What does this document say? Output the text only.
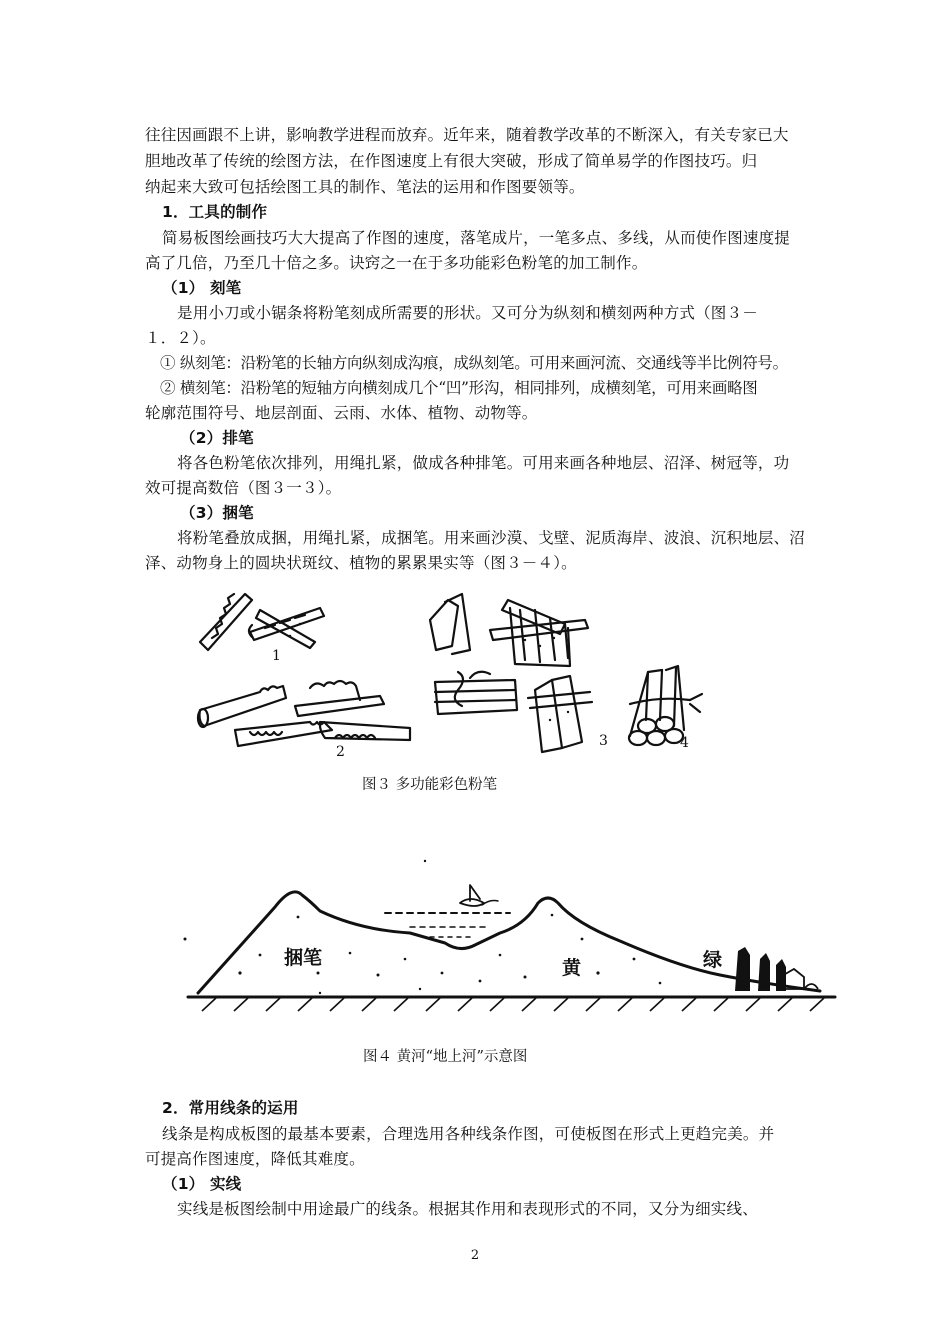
往往因画跟不上讲，影响教学进程而放弃。近年来，随着教学改革的不断深入，有关专家已大
胆地改革了传统的绘图方法，在作图速度上有很大突破，形成了简单易学的作图技巧。归
纳起来大致可包括绘图工具的制作、笔法的运用和作图要领等。
1．工具的制作
简易板图绘画技巧大大提高了作图的速度，落笔成片，一笔多点、多线，从而使作图速度提
高了几倍，乃至几十倍之多。诀窍之一在于多功能彩色粉笔的加工制作。
（1） 刻笔
是用小刀或小锯条将粉笔刻成所需要的形状。又可分为纵刻和横刻两种方式（图３－
１．２）。
① 纵刻笔：沿粉笔的长轴方向纵刻成沟痕，成纵刻笔。可用来画河流、交通线等半比例符号。
② 横刻笔：沿粉笔的短轴方向横刻成几个“凹”形沟，相同排列，成横刻笔，可用来画略图
轮廓范围符号、地层剖面、云雨、水体、植物、动物等。
（2）排笔
将各色粉笔依次排列，用绳扎紧，做成各种排笔。可用来画各种地层、沼泽、树冠等，功
效可提高数倍（图３一３）。
（3）捆笔
将粉笔叠放成捆，用绳扎紧，成捆笔。用来画沙漠、戈壁、泥质海岸、波浪、沉积地层、沼
泽、动物身上的圆块状斑纹、植物的累累果实等（图３－４）。
1
2
3	4
图３ 多功能彩色粉笔
捆笔	黄	绿
图４ 黄河“地上河”示意图
2．常用线条的运用
线条是构成板图的最基本要素，合理选用各种线条作图，可使板图在形式上更趋完美。并
可提高作图速度，降低其难度。
（1） 实线
实线是板图绘制中用途最广的线条。根据其作用和表现形式的不同，又分为细实线、
2
